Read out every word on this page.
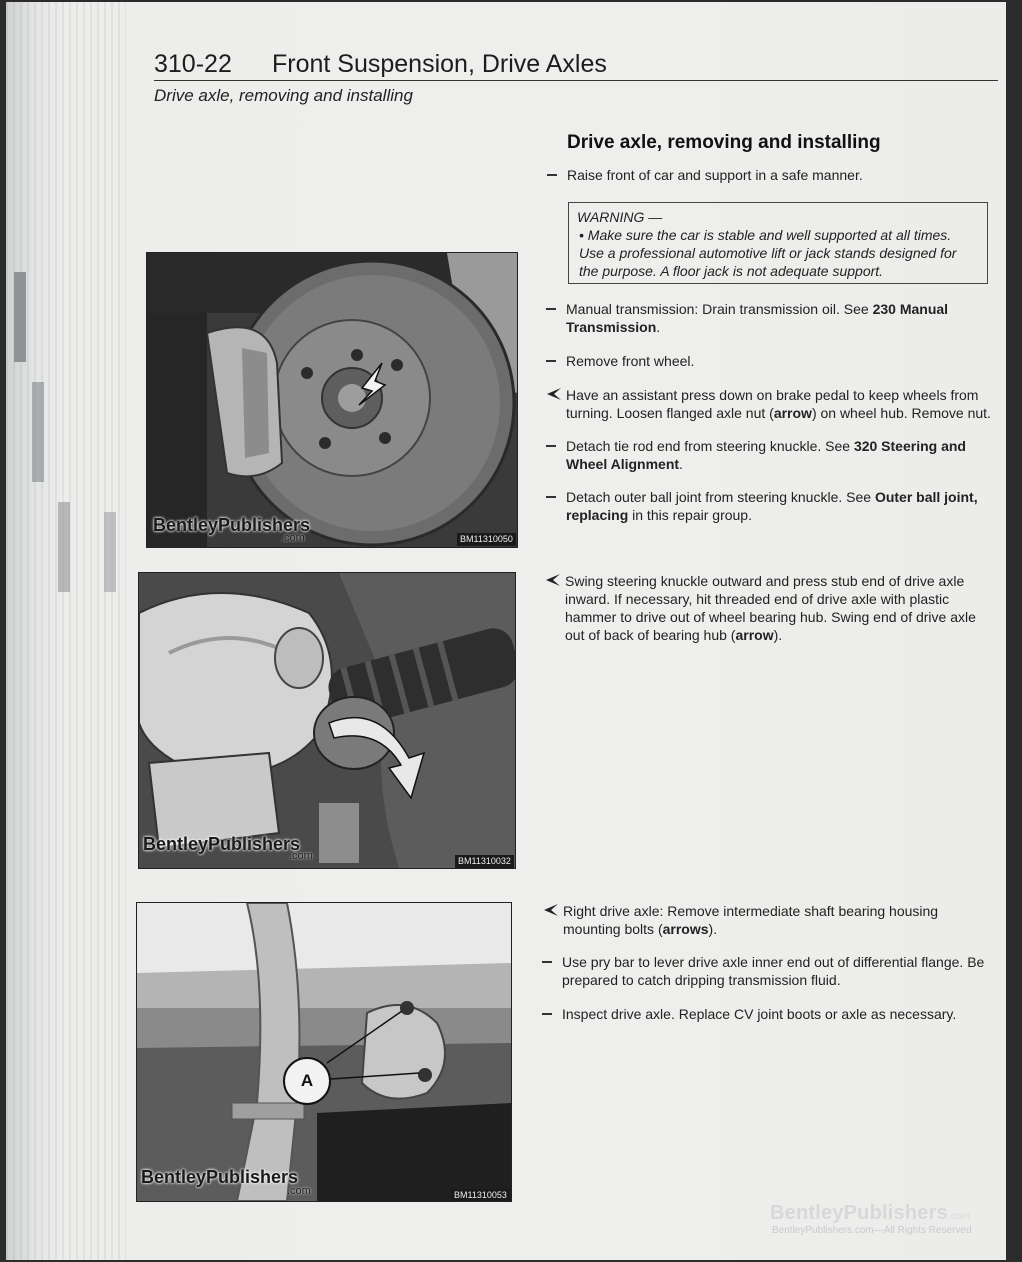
310-22 Front Suspension, Drive Axles
Drive axle, removing and installing
Drive axle, removing and installing
Raise front of car and support in a safe manner.
WARNING —
• Make sure the car is stable and well supported at all times. Use a professional automotive lift or jack stands designed for the purpose. A floor jack is not adequate support.
Manual transmission: Drain transmission oil. See 230 Manual Transmission.
Remove front wheel.
Have an assistant press down on brake pedal to keep wheels from turning. Loosen flanged axle nut (arrow) on wheel hub. Remove nut.
Detach tie rod end from steering knuckle. See 320 Steering and Wheel Alignment.
Detach outer ball joint from steering knuckle. See Outer ball joint, replacing in this repair group.
Swing steering knuckle outward and press stub end of drive axle inward. If necessary, hit threaded end of drive axle with plastic hammer to drive out of wheel bearing hub. Swing end of drive axle out of back of bearing hub (arrow).
Right drive axle: Remove intermediate shaft bearing housing mounting bolts (arrows).
Use pry bar to lever drive axle inner end out of differential flange. Be prepared to catch dripping transmission fluid.
Inspect drive axle. Replace CV joint boots or axle as necessary.
BentleyPublishers
.com	BM11310050
BentleyPublishers
.com	BM11310032
A
BentleyPublishers
.com	BM11310053
BentleyPublishers.com
BentleyPublishers.com—All Rights Reserved
